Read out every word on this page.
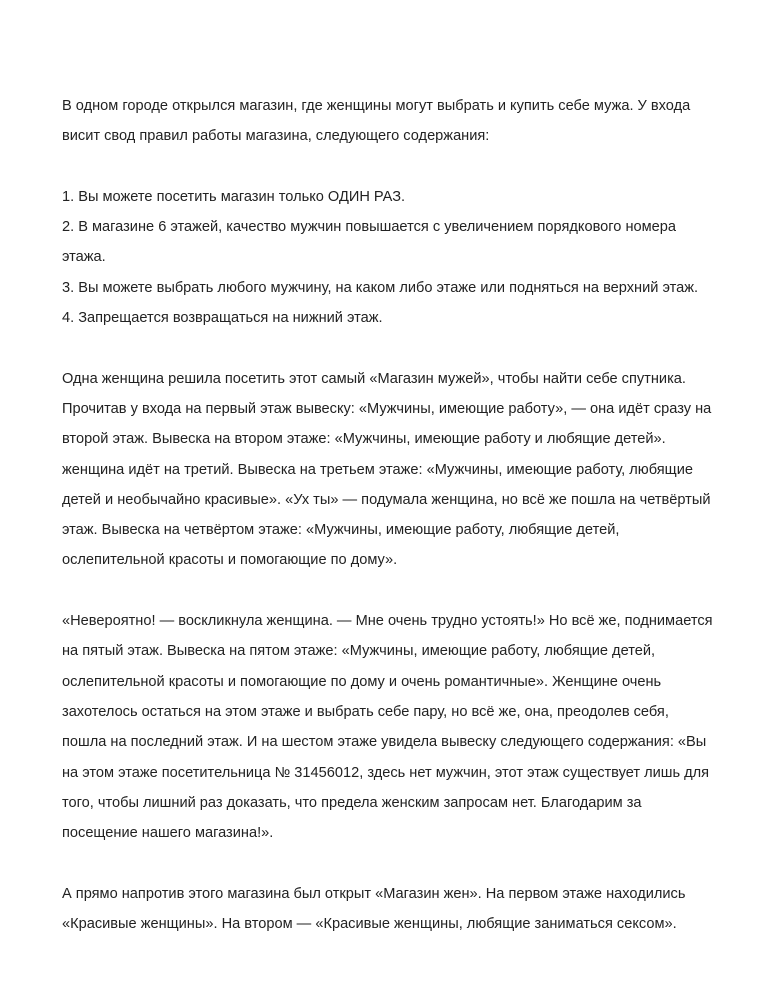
В одном городе открылся магазин, где женщины могут выбрать и купить себе мужа. У входа
висит свод правил работы магазина, следующего содержания:
1. Вы можете посетить магазин только ОДИН РАЗ.
2. В магазине 6 этажей, качество мужчин повышается с увеличением порядкового номера
этажа.
3. Вы можете выбрать любого мужчину, на каком либо этаже или подняться на верхний этаж.
4. Запрещается возвращаться на нижний этаж.
Одна женщина решила посетить этот самый «Магазин мужей», чтобы найти себе спутника.
Прочитав у входа на первый этаж вывеску: «Мужчины, имеющие работу», — она идёт сразу на
второй этаж. Вывеска на втором этаже: «Мужчины, имеющие работу и любящие детей».
женщина идёт на третий. Вывеска на третьем этаже: «Мужчины, имеющие работу, любящие
детей и необычайно красивые». «Ух ты» — подумала женщина, но всё же пошла на четвёртый
этаж. Вывеска на четвёртом этаже: «Мужчины, имеющие работу, любящие детей,
ослепительной красоты и помогающие по дому».
«Невероятно! — воскликнула женщина. — Мне очень трудно устоять!» Но всё же, поднимается
на пятый этаж. Вывеска на пятом этаже: «Мужчины, имеющие работу, любящие детей,
ослепительной красоты и помогающие по дому и очень романтичные». Женщине очень
захотелось остаться на этом этаже и выбрать себе пару, но всё же, она, преодолев себя,
пошла на последний этаж. И на шестом этаже увидела вывеску следующего содержания: «Вы
на этом этаже посетительница № 31456012, здесь нет мужчин, этот этаж существует лишь для
того, чтобы лишний раз доказать, что предела женским запросам нет. Благодарим за
посещение нашего магазина!».
А прямо напротив этого магазина был открыт «Магазин жен». На первом этаже находились
«Красивые женщины». На втором — «Красивые женщины, любящие заниматься сексом».
